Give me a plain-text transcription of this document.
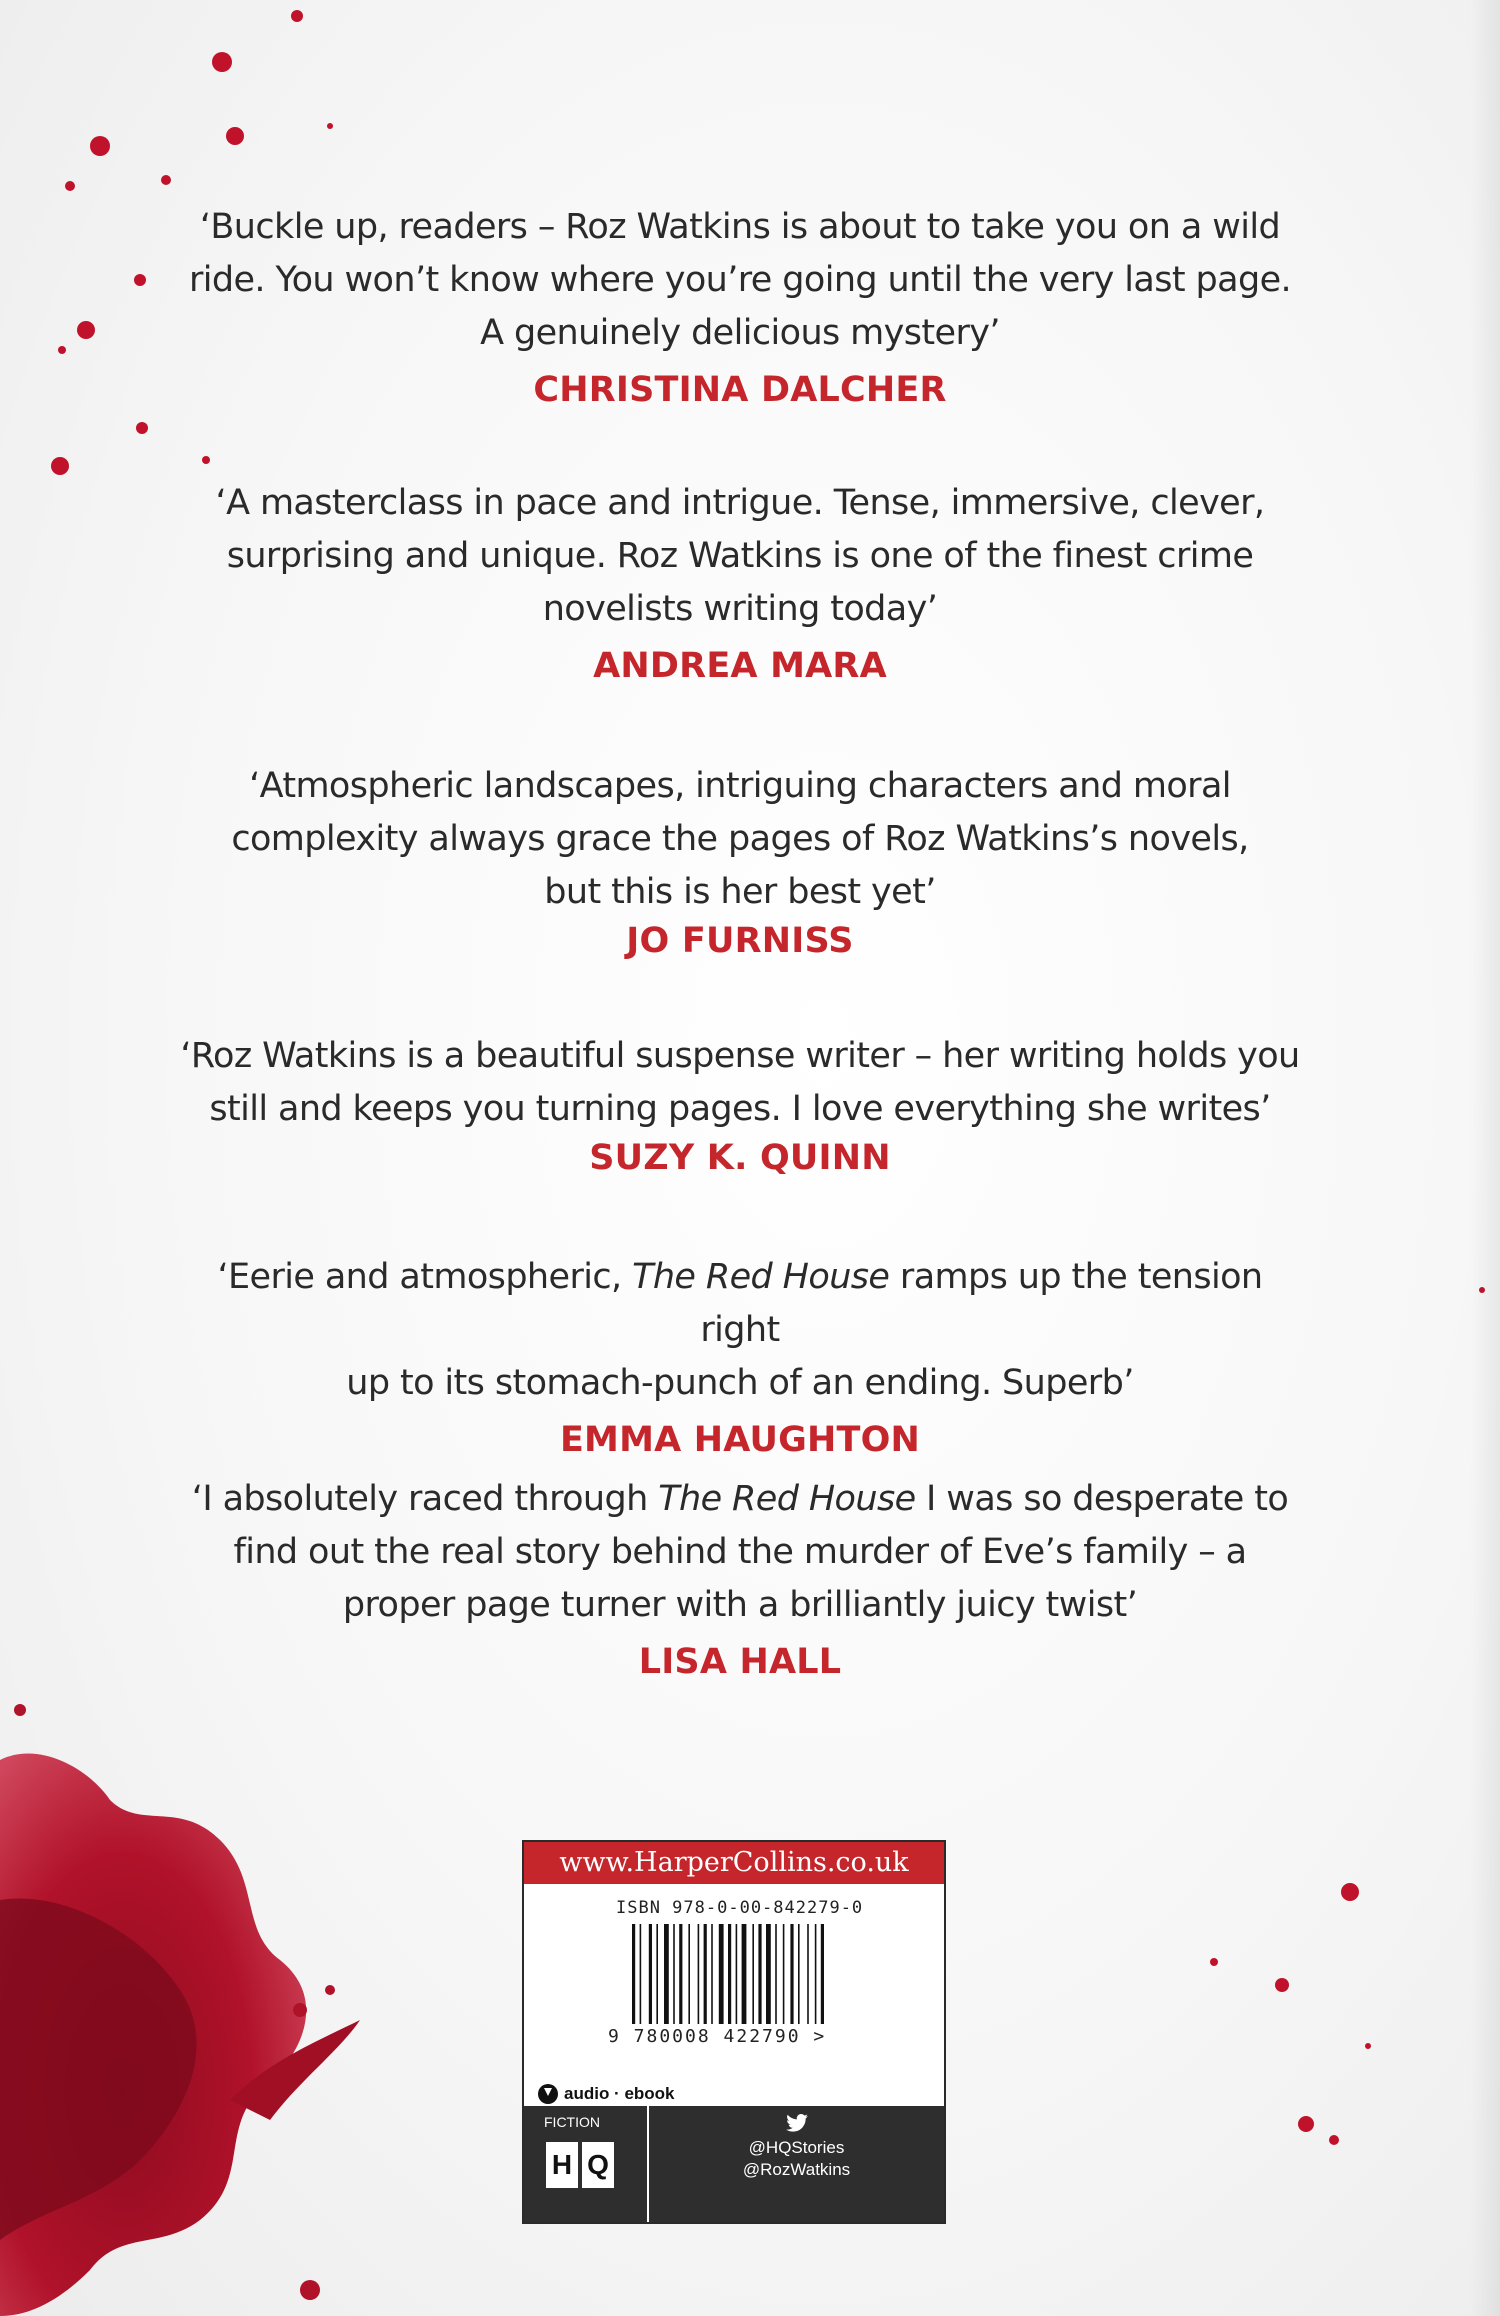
‘Buckle up, readers – Roz Watkins is about to take you on a wild
ride. You won’t know where you’re going until the very last page.
A genuinely delicious mystery’

CHRISTINA DALCHER

‘A masterclass in pace and intrigue. Tense, immersive, clever,
surprising and unique. Roz Watkins is one of the finest crime
novelists writing today’

ANDREA MARA

‘Atmospheric landscapes, intriguing characters and moral
complexity always grace the pages of Roz Watkins’s novels,
but this is her best yet’

JO FURNISS

‘Roz Watkins is a beautiful suspense writer – her writing holds you
still and keeps you turning pages. I love everything she writes’

SUZY K. QUINN

‘Eerie and atmospheric, The Red House ramps up the tension right
up to its stomach-punch of an ending. Superb’

EMMA HAUGHTON

‘I absolutely raced through The Red House I was so desperate to
find out the real story behind the murder of Eve’s family – a
proper page turner with a brilliantly juicy twist’

LISA HALL
www.HarperCollins.co.uk
ISBN 978-0-00-842279-0
9 780008 422790 >
audio · ebook
FICTION
H Q
@HQStories
@RozWatkins
